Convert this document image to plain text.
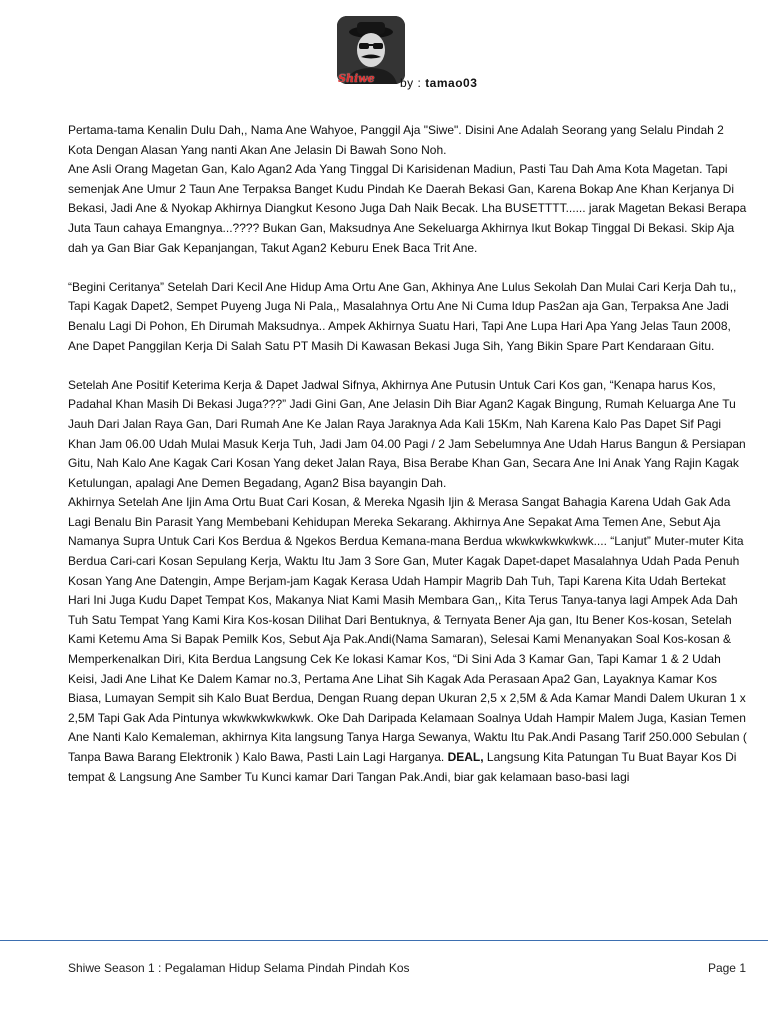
Shiwe by : tamao03

Pertama-tama Kenalin Dulu Dah,, Nama Ane Wahyoe, Panggil Aja "Siwe". Disini Ane Adalah Seorang yang Selalu Pindah 2 Kota Dengan Alasan Yang nanti Akan Ane Jelasin Di Bawah Sono Noh.
Ane Asli Orang Magetan Gan, Kalo Agan2 Ada Yang Tinggal Di Karisidenan Madiun, Pasti Tau Dah Ama Kota Magetan. Tapi semenjak Ane Umur 2 Taun Ane Terpaksa Banget Kudu Pindah Ke Daerah Bekasi Gan, Karena Bokap Ane Khan Kerjanya Di Bekasi, Jadi Ane & Nyokap Akhirnya Diangkut Kesono Juga Dah Naik Becak. Lha BUSETTTT...... jarak Magetan Bekasi Berapa Juta Taun cahaya Emangnya...???? Bukan Gan, Maksudnya Ane Sekeluarga Akhirnya Ikut Bokap Tinggal Di Bekasi. Skip Aja dah ya Gan Biar Gak Kepanjangan, Takut Agan2 Keburu Enek Baca Trit Ane.

“Begini Ceritanya” Setelah Dari Kecil Ane Hidup Ama Ortu Ane Gan, Akhinya Ane Lulus Sekolah Dan Mulai Cari Kerja Dah tu,, Tapi Kagak Dapet2, Sempet Puyeng Juga Ni Pala,, Masalahnya Ortu Ane Ni Cuma Idup Pas2an aja Gan, Terpaksa Ane Jadi Benalu Lagi Di Pohon, Eh Dirumah Maksudnya.. Ampek Akhirnya Suatu Hari, Tapi Ane Lupa Hari Apa Yang Jelas Taun 2008, Ane Dapet Panggilan Kerja Di Salah Satu PT Masih Di Kawasan Bekasi Juga Sih, Yang Bikin Spare Part Kendaraan Gitu.

Setelah Ane Positif Keterima Kerja & Dapet Jadwal Sifnya, Akhirnya Ane Putusin Untuk Cari Kos gan, “Kenapa harus Kos, Padahal Khan Masih Di Bekasi Juga???” Jadi Gini Gan, Ane Jelasin Dih Biar Agan2 Kagak Bingung, Rumah Keluarga Ane Tu Jauh Dari Jalan Raya Gan, Dari Rumah Ane Ke Jalan Raya Jaraknya Ada Kali 15Km, Nah Karena Kalo Pas Dapet Sif Pagi Khan Jam 06.00 Udah Mulai Masuk Kerja Tuh, Jadi Jam 04.00 Pagi / 2 Jam Sebelumnya Ane Udah Harus Bangun & Persiapan Gitu, Nah Kalo Ane Kagak Cari Kosan Yang deket Jalan Raya, Bisa Berabe Khan Gan, Secara Ane Ini Anak Yang Rajin Kagak Ketulungan, apalagi Ane Demen Begadang, Agan2 Bisa bayangin Dah.
Akhirnya Setelah Ane Ijin Ama Ortu Buat Cari Kosan, & Mereka Ngasih Ijin & Merasa Sangat Bahagia Karena Udah Gak Ada Lagi Benalu Bin Parasit Yang Membebani Kehidupan Mereka Sekarang. Akhirnya Ane Sepakat Ama Temen Ane, Sebut Aja Namanya Supra Untuk Cari Kos Berdua & Ngekos Berdua Kemana-mana Berdua wkwkwkwkwkwk.... “Lanjut” Muter-muter Kita Berdua Cari-cari Kosan Sepulang Kerja, Waktu Itu Jam 3 Sore Gan, Muter Kagak Dapet-dapet Masalahnya Udah Pada Penuh Kosan Yang Ane Datengin, Ampe Berjam-jam Kagak Kerasa Udah Hampir Magrib Dah Tuh, Tapi Karena Kita Udah Bertekat Hari Ini Juga Kudu Dapet Tempat Kos, Makanya Niat Kami Masih Membara Gan,, Kita Terus Tanya-tanya lagi Ampek Ada Dah Tuh Satu Tempat Yang Kami Kira Kos-kosan Dilihat Dari Bentuknya, & Ternyata Bener Aja gan, Itu Bener Kos-kosan, Setelah Kami Ketemu Ama Si Bapak Pemilk Kos, Sebut Aja Pak.Andi(Nama Samaran), Selesai Kami Menanyakan Soal Kos-kosan & Memperkenalkan Diri, Kita Berdua Langsung Cek Ke lokasi Kamar Kos, “Di Sini Ada 3 Kamar Gan, Tapi Kamar 1 & 2 Udah Keisi, Jadi Ane Lihat Ke Dalem Kamar no.3, Pertama Ane Lihat Sih Kagak Ada Perasaan Apa2 Gan, Layaknya Kamar Kos Biasa, Lumayan Sempit sih Kalo Buat Berdua, Dengan Ruang depan Ukuran 2,5 x 2,5M & Ada Kamar Mandi Dalem Ukuran 1 x 2,5M Tapi Gak Ada Pintunya wkwkwkwkwkwk. Oke Dah Daripada Kelamaan Soalnya Udah Hampir Malem Juga, Kasian Temen Ane Nanti Kalo Kemaleman, akhirnya Kita langsung Tanya Harga Sewanya, Waktu Itu Pak.Andi Pasang Tarif 250.000 Sebulan ( Tanpa Bawa Barang Elektronik ) Kalo Bawa, Pasti Lain Lagi Harganya. DEAL, Langsung Kita Patungan Tu Buat Bayar Kos Di tempat & Langsung Ane Samber Tu Kunci kamar Dari Tangan Pak.Andi, biar gak kelamaan baso-basi lagi

Shiwe Season 1 : Pegalaman Hidup Selama Pindah Pindah Kos	Page 1
